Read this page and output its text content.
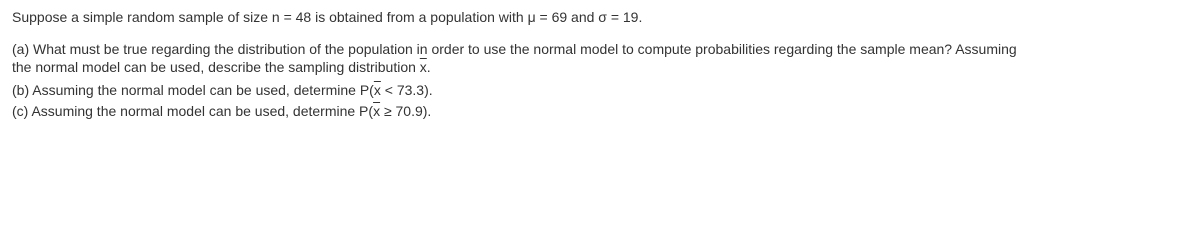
Suppose a simple random sample of size n = 48 is obtained from a population with μ = 69 and σ = 19.
(a) What must be true regarding the distribution of the population in order to use the normal model to compute probabilities regarding the sample mean? Assuming
the normal model can be used, describe the sampling distribution $\overline{x}$.
(b) Assuming the normal model can be used, determine $P(\overline{x} < 73.3)$.
(c) Assuming the normal model can be used, determine $P(\overline{x} \ge 70.9)$.
